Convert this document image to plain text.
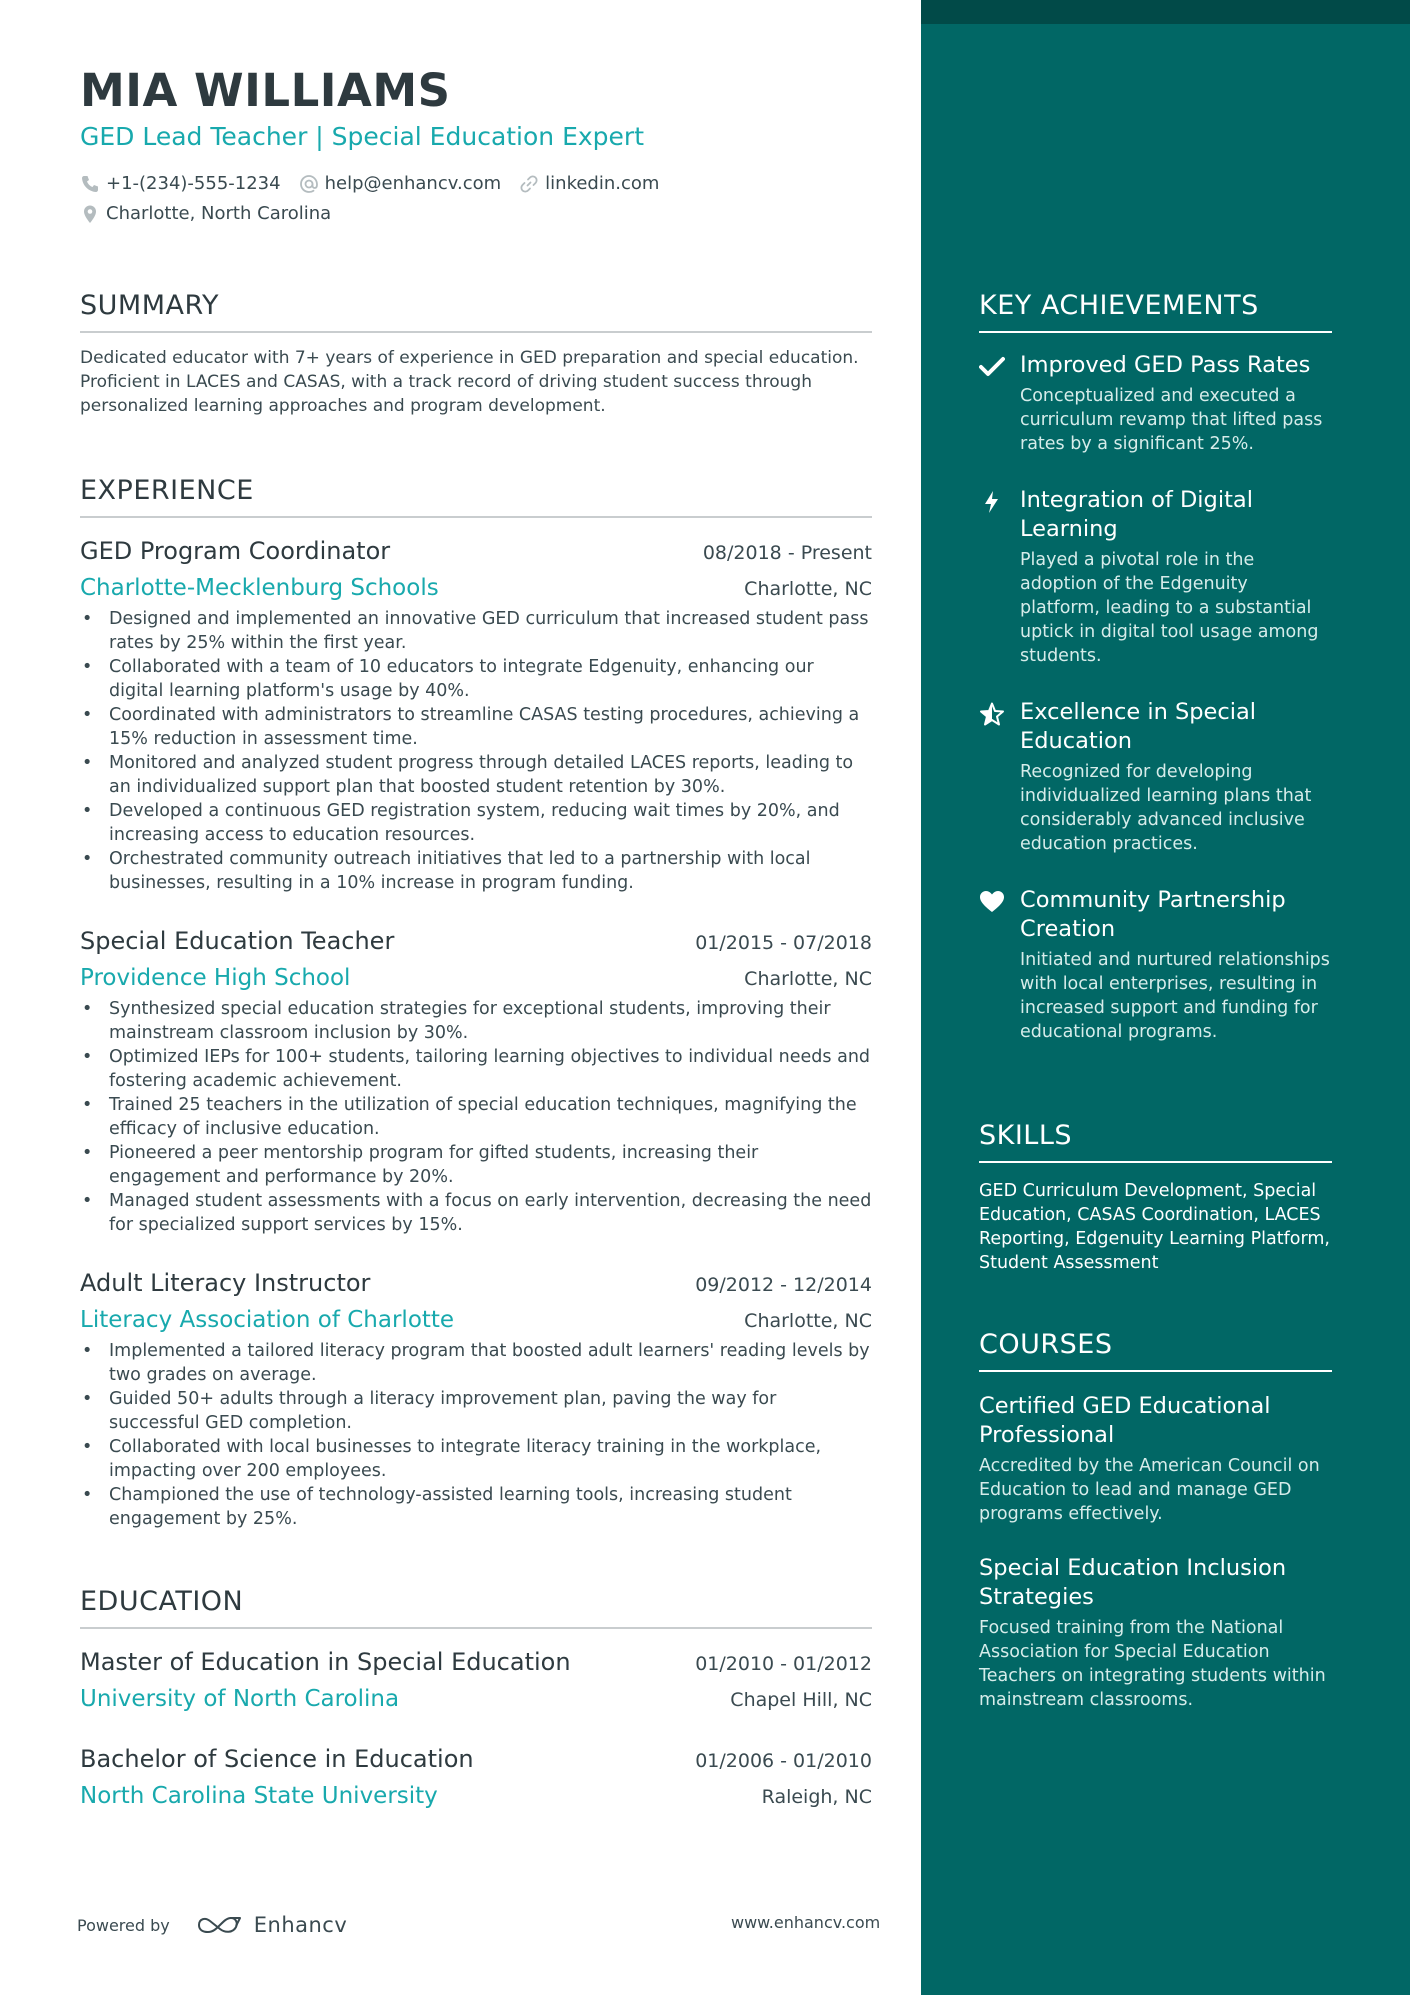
KEY ACHIEVEMENTS
Improved GED Pass Rates
Conceptualized and executed a curriculum revamp that lifted pass rates by a significant 25%.
Integration of Digital Learning
Played a pivotal role in the adoption of the Edgenuity platform, leading to a substantial uptick in digital tool usage among students.
Excellence in Special Education
Recognized for developing individualized learning plans that considerably advanced inclusive education practices.
Community Partnership Creation
Initiated and nurtured relationships with local enterprises, resulting in increased support and funding for educational programs.
SKILLS
GED Curriculum Development, Special Education, CASAS Coordination, LACES Reporting, Edgenuity Learning Platform, Student Assessment
COURSES
Certified GED Educational Professional
Accredited by the American Council on Education to lead and manage GED programs effectively.
Special Education Inclusion Strategies
Focused training from the National Association for Special Education Teachers on integrating students within mainstream classrooms.
MIA WILLIAMS
GED Lead Teacher | Special Education Expert
+1-(234)-555-1234 help@enhancv.com linkedin.com
Charlotte, North Carolina
SUMMARY
Dedicated educator with 7+ years of experience in GED preparation and special education. Proficient in LACES and CASAS, with a track record of driving student success through personalized learning approaches and program development.
EXPERIENCE
GED Program Coordinator	08/2018 - Present
Charlotte-Mecklenburg Schools	Charlotte, NC
• Designed and implemented an innovative GED curriculum that increased student pass rates by 25% within the first year.
• Collaborated with a team of 10 educators to integrate Edgenuity, enhancing our digital learning platform's usage by 40%.
• Coordinated with administrators to streamline CASAS testing procedures, achieving a 15% reduction in assessment time.
• Monitored and analyzed student progress through detailed LACES reports, leading to an individualized support plan that boosted student retention by 30%.
• Developed a continuous GED registration system, reducing wait times by 20%, and increasing access to education resources.
• Orchestrated community outreach initiatives that led to a partnership with local businesses, resulting in a 10% increase in program funding.
Special Education Teacher	01/2015 - 07/2018
Providence High School	Charlotte, NC
• Synthesized special education strategies for exceptional students, improving their mainstream classroom inclusion by 30%.
• Optimized IEPs for 100+ students, tailoring learning objectives to individual needs and fostering academic achievement.
• Trained 25 teachers in the utilization of special education techniques, magnifying the efficacy of inclusive education.
• Pioneered a peer mentorship program for gifted students, increasing their engagement and performance by 20%.
• Managed student assessments with a focus on early intervention, decreasing the need for specialized support services by 15%.
Adult Literacy Instructor	09/2012 - 12/2014
Literacy Association of Charlotte	Charlotte, NC
• Implemented a tailored literacy program that boosted adult learners' reading levels by two grades on average.
• Guided 50+ adults through a literacy improvement plan, paving the way for successful GED completion.
• Collaborated with local businesses to integrate literacy training in the workplace, impacting over 200 employees.
• Championed the use of technology-assisted learning tools, increasing student engagement by 25%.
EDUCATION
Master of Education in Special Education	01/2010 - 01/2012
University of North Carolina	Chapel Hill, NC
Bachelor of Science in Education	01/2006 - 01/2010
North Carolina State University	Raleigh, NC
Powered by	Enhancv	www.enhancv.com
